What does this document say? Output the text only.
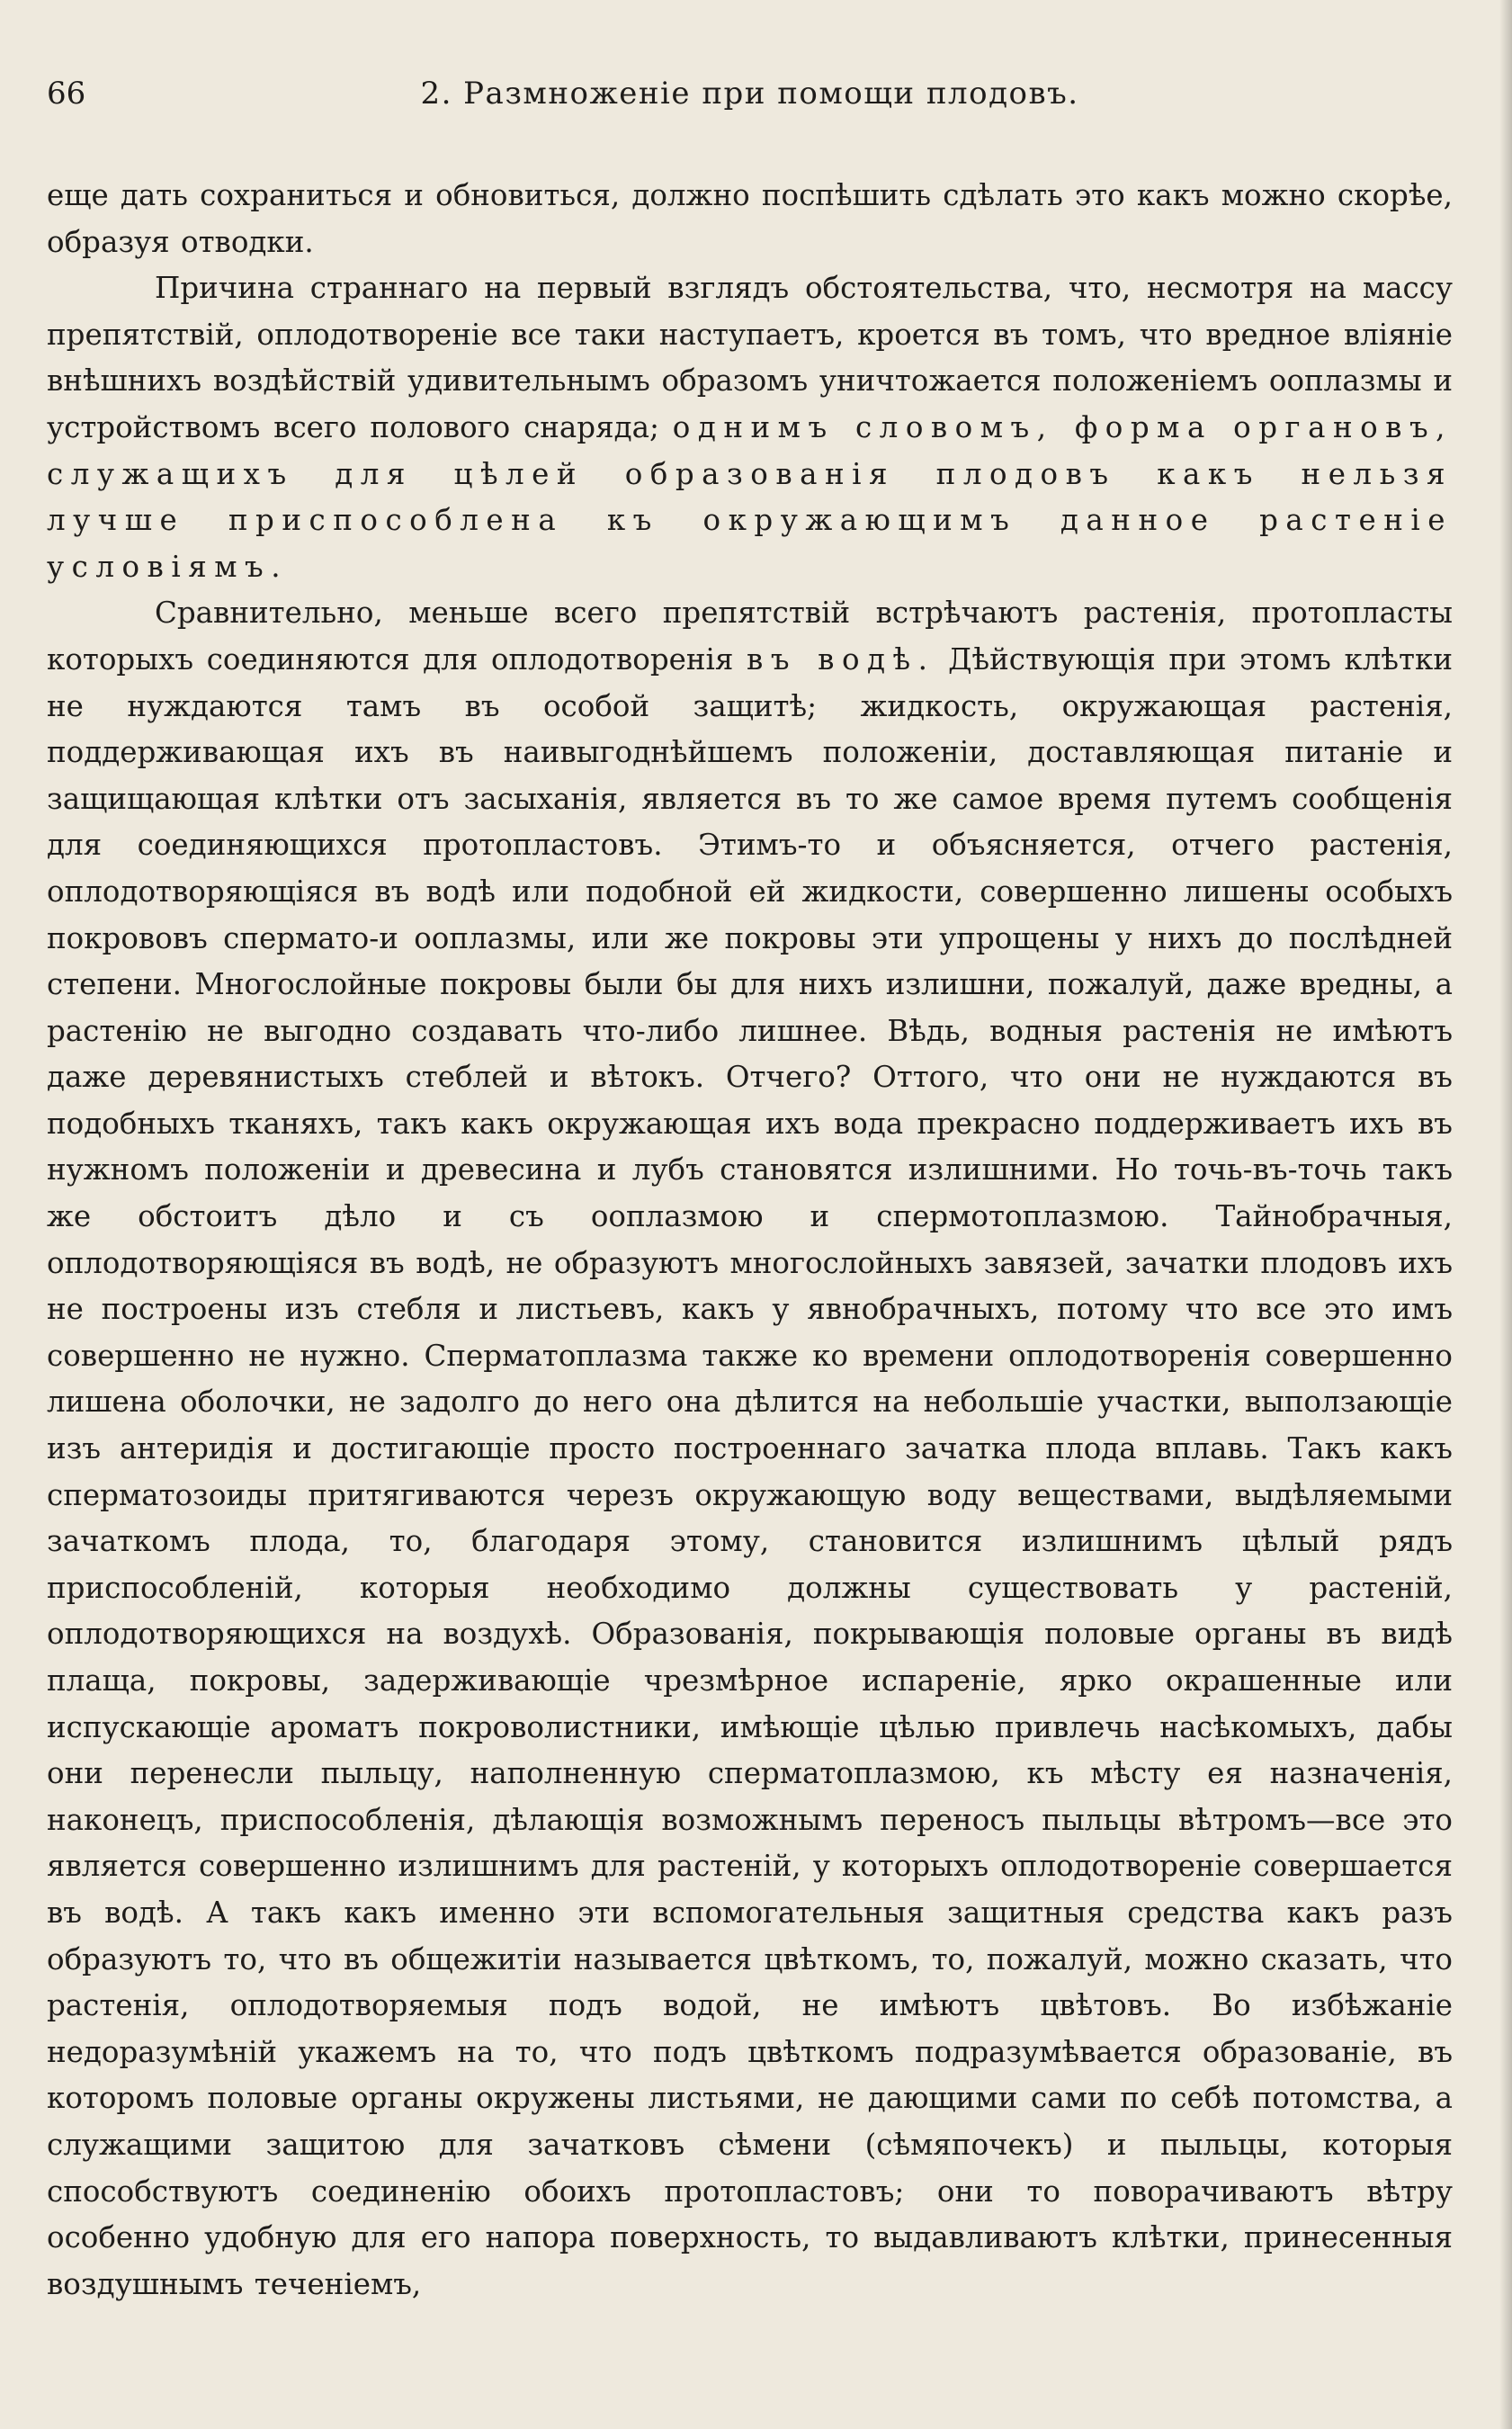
66	2. Размноженіе при помощи плодовъ.

еще дать сохраниться и обновиться, должно поспѣшить сдѣлать это какъ можно скорѣе, образуя отводки.

Причина страннаго на первый взглядъ обстоятельства, что, несмотря на массу препятствій, оплодотвореніе все таки наступаетъ, кроется въ томъ, что вредное вліяніе внѣшнихъ воздѣйствій удивительнымъ образомъ уничтожается положеніемъ ооплазмы и устройствомъ всего полового снаряда; однимъ словомъ, форма органовъ, служащихъ для цѣлей образованія плодовъ какъ нельзя лучше приспособлена къ окружающимъ данное растеніе условіямъ.

Сравнительно, меньше всего препятствій встрѣчаютъ растенія, протопласты которыхъ соединяются для оплодотворенія въ водѣ. Дѣйствующія при этомъ клѣтки не нуждаются тамъ въ особой защитѣ; жидкость, окружающая растенія, поддерживающая ихъ въ наивыгоднѣйшемъ положеніи, доставляющая питаніе и защищающая клѣтки отъ засыханія, является въ то же самое время путемъ сообщенія для соединяющихся протопластовъ. Этимъ-то и объясняется, отчего растенія, оплодотворяющіяся въ водѣ или подобной ей жидкости, совершенно лишены особыхъ покрововъ спермато-и ооплазмы, или же покровы эти упрощены у нихъ до послѣдней степени. Многослойные покровы были бы для нихъ излишни, пожалуй, даже вредны, а растенію не выгодно создавать что-либо лишнее. Вѣдь, водныя растенія не имѣютъ даже деревянистыхъ стеблей и вѣтокъ. Отчего? Оттого, что они не нуждаются въ подобныхъ тканяхъ, такъ какъ окружающая ихъ вода прекрасно поддерживаетъ ихъ въ нужномъ положеніи и древесина и лубъ становятся излишними. Но точь-въ-точь такъ же обстоитъ дѣло и съ ооплазмою и спермотоплазмою. Тайнобрачныя, оплодотворяющіяся въ водѣ, не образуютъ многослойныхъ завязей, зачатки плодовъ ихъ не построены изъ стебля и листьевъ, какъ у явнобрачныхъ, потому что все это имъ совершенно не нужно. Сперматоплазма также ко времени оплодотворенія совершенно лишена оболочки, не задолго до него она дѣлится на небольшіе участки, выползающіе изъ антеридія и достигающіе просто построеннаго зачатка плода вплавь. Такъ какъ сперматозоиды притягиваются черезъ окружающую воду веществами, выдѣляемыми зачаткомъ плода, то, благодаря этому, становится излишнимъ цѣлый рядъ приспособленій, которыя необходимо должны существовать у растеній, оплодотворяющихся на воздухѣ. Образованія, покрывающія половые органы въ видѣ плаща, покровы, задерживающіе чрезмѣрное испареніе, ярко окрашенные или испускающіе ароматъ покроволистники, имѣющіе цѣлью привлечь насѣкомыхъ, дабы они перенесли пыльцу, наполненную сперматоплазмою, къ мѣсту ея назначенія, наконецъ, приспособленія, дѣлающія возможнымъ переносъ пыльцы вѣтромъ—все это является совершенно излишнимъ для растеній, у которыхъ оплодотвореніе совершается въ водѣ. А такъ какъ именно эти вспомогательныя защитныя средства какъ разъ образуютъ то, что въ общежитіи называется цвѣткомъ, то, пожалуй, можно сказать, что растенія, оплодотворяемыя подъ водой, не имѣютъ цвѣтовъ. Во избѣжаніе недоразумѣній укажемъ на то, что подъ цвѣткомъ подразумѣвается образованіе, въ которомъ половые органы окружены листьями, не дающими сами по себѣ потомства, а служащими защитою для зачатковъ сѣмени (сѣмяпочекъ) и пыльцы, которыя способствуютъ соединенію обоихъ протопластовъ; они то поворачиваютъ вѣтру особенно удобную для его напора поверхность, то выдавливаютъ клѣтки, принесенныя воздушнымъ теченіемъ,
